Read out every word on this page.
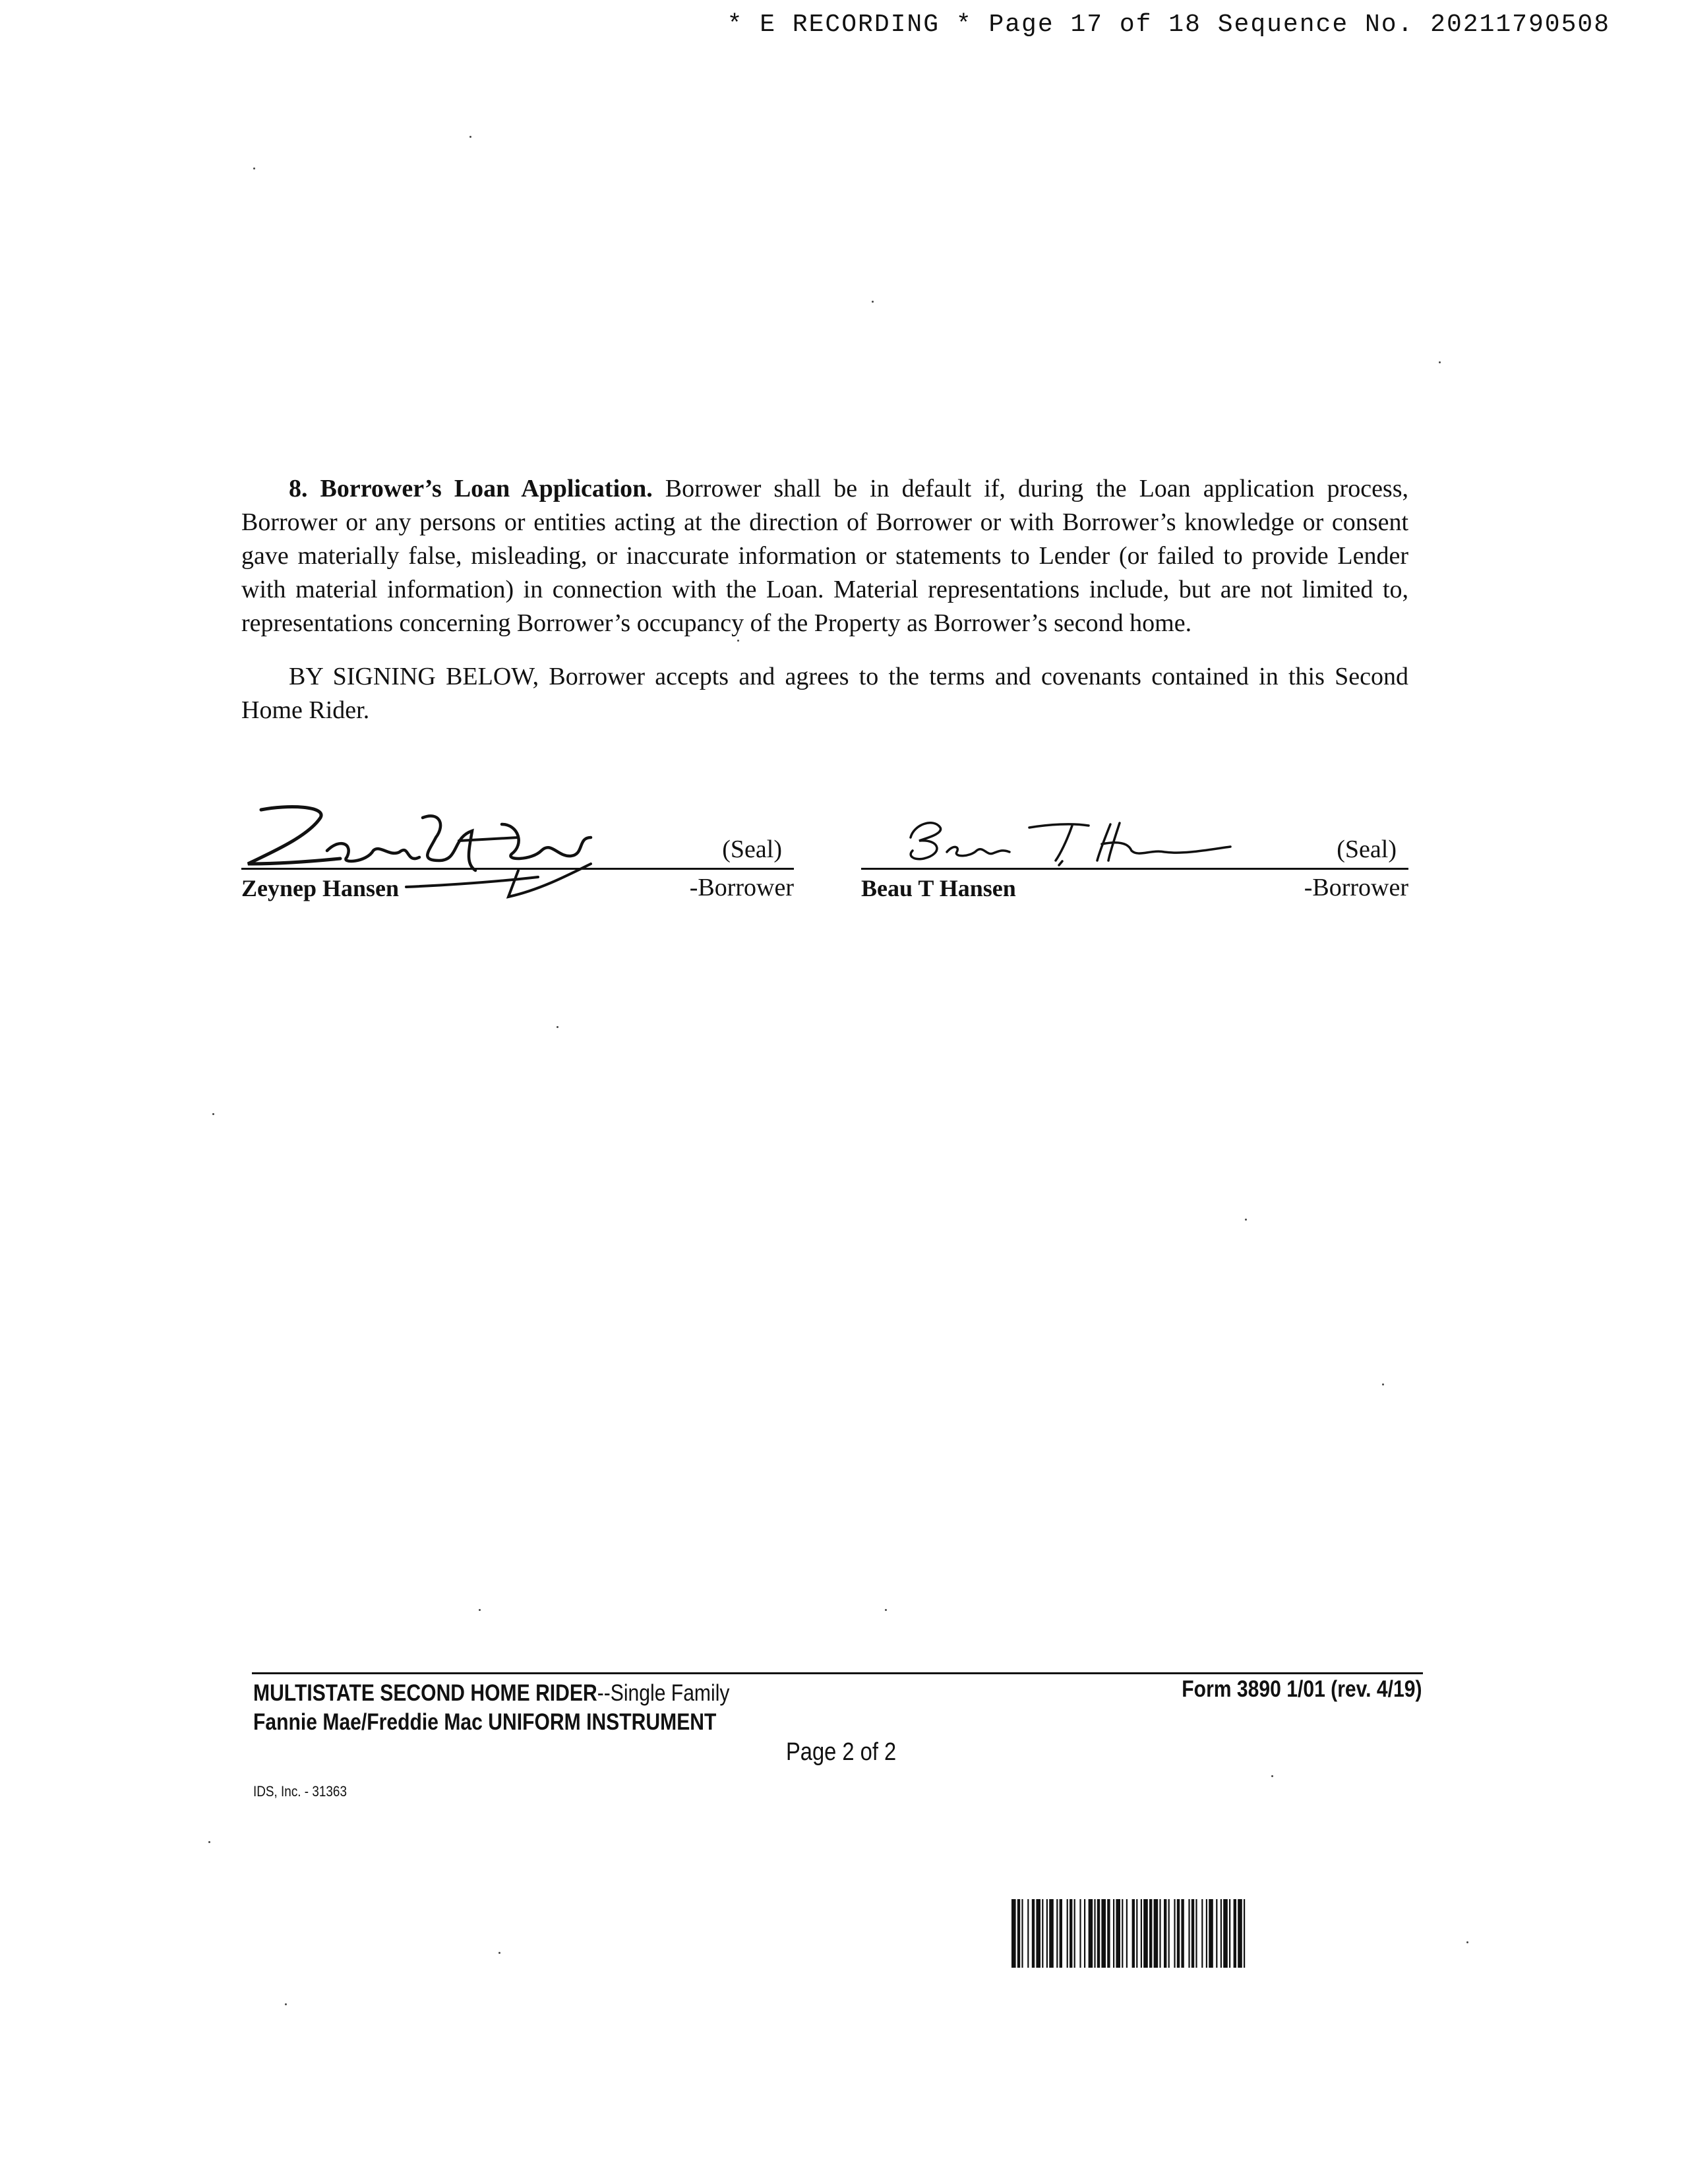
* E RECORDING * Page 17 of 18 Sequence No. 20211790508

8. Borrower’s Loan Application. Borrower shall be in default if, during the Loan application process, Borrower or any persons or entities acting at the direction of Borrower or with Borrower’s knowledge or consent gave materially false, misleading, or inaccurate information or statements to Lender (or failed to provide Lender with material information) in connection with the Loan. Material representations include, but are not limited to, representations concerning Borrower’s occupancy of the Property as Borrower’s second home.

BY SIGNING BELOW, Borrower accepts and agrees to the terms and covenants contained in this Second Home Rider.

(Seal)
Zeynep Hansen	-Borrower
(Seal)
Beau T Hansen	-Borrower
MULTISTATE SECOND HOME RIDER--Single Family
Fannie Mae/Freddie Mac UNIFORM INSTRUMENT
Form 3890 1/01 (rev. 4/19)
Page 2 of 2
IDS, Inc. - 31363
